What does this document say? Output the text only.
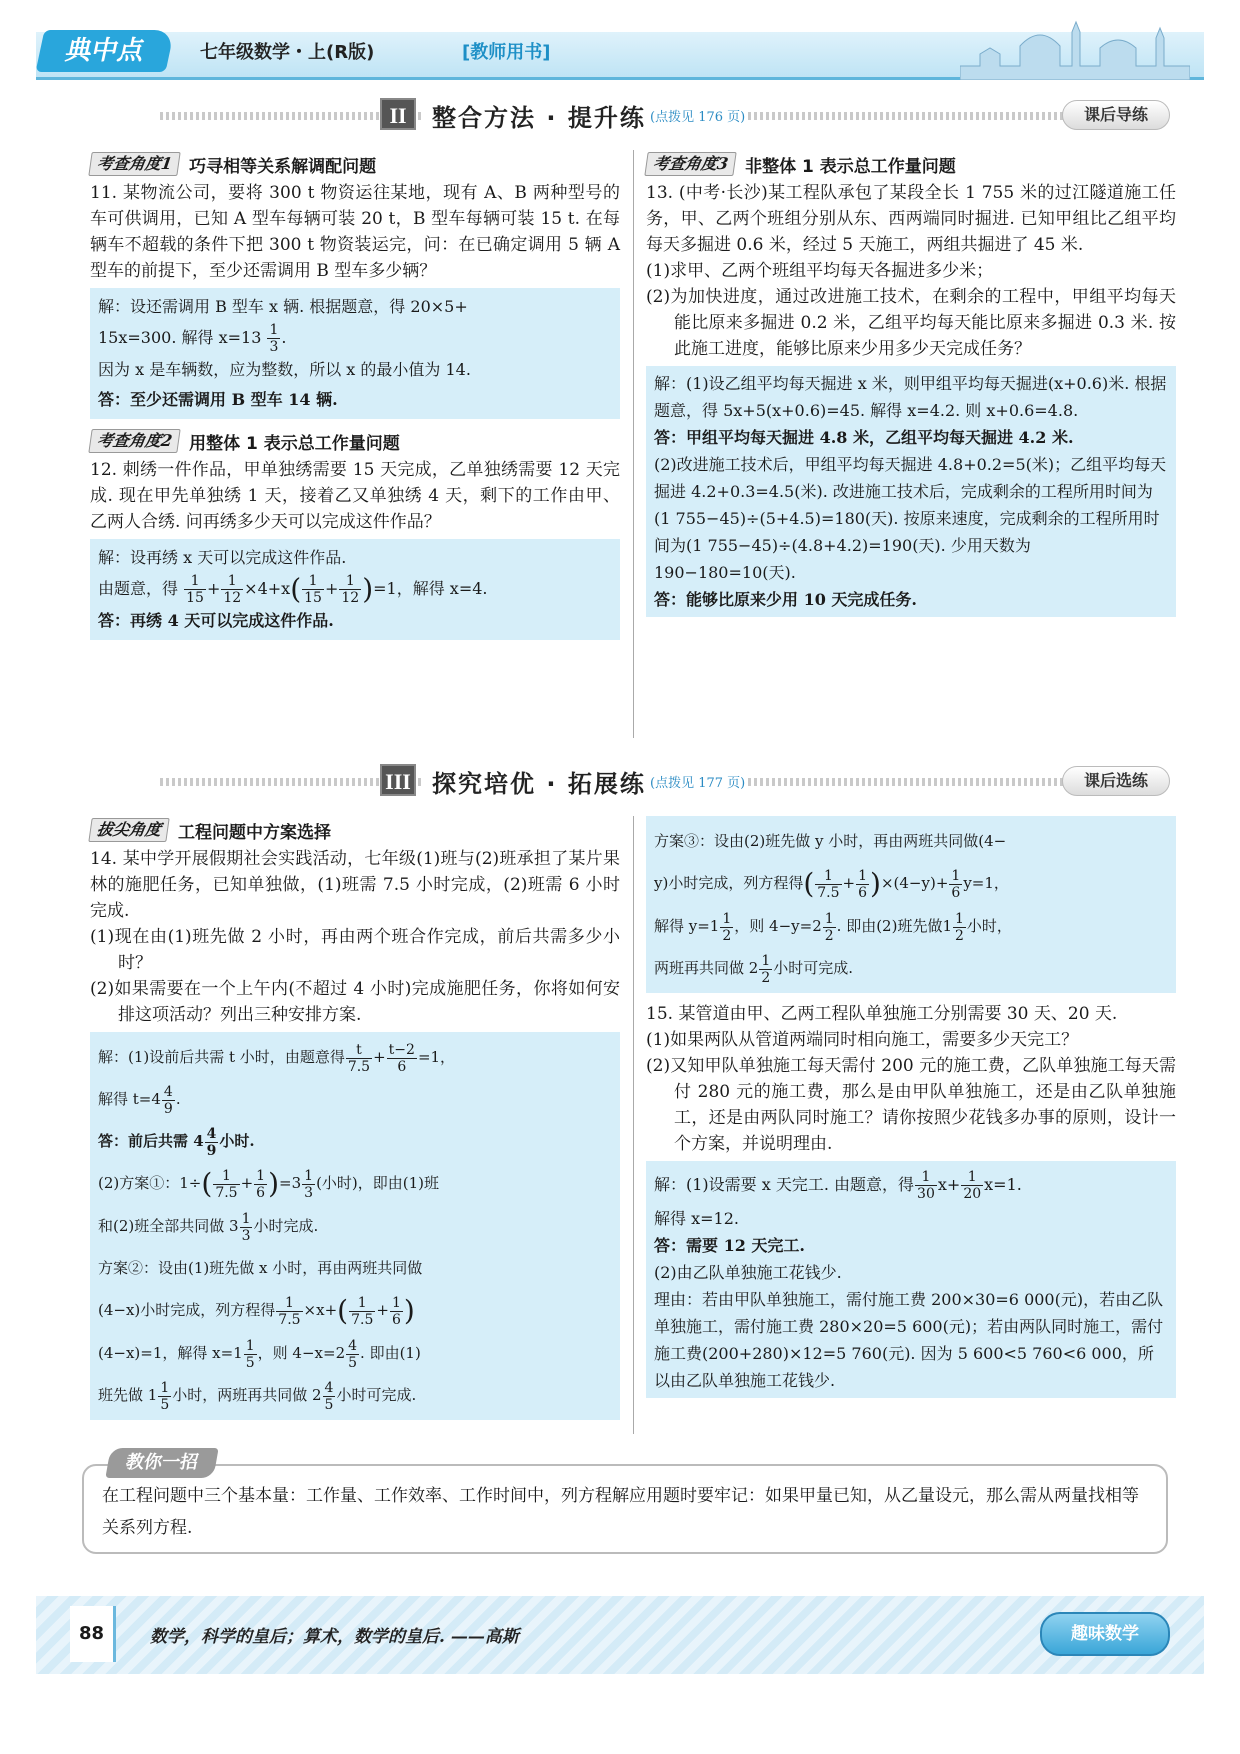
典中点	七年级数学・上(R版)	[教师用书]
II	整合方法 · 提升练 (点拨见 176 页)	课后导练
考查角度1 巧寻相等关系解调配问题
11. 某物流公司，要将 300 t 物资运往某地，现有 A、B 两种型号的车可供调用，已知 A 型车每辆可装 20 t，B 型车每辆可装 15 t. 在每辆车不超载的条件下把 300 t 物资装运完，问：在已确定调用 5 辆 A 型车的前提下，至少还需调用 B 型车多少辆？
解：设还需调用 B 型车 x 辆. 根据题意，得 20×5+
15x=300. 解得 $x=13 \frac{1}{3}$ .
因为 x 是车辆数，应为整数，所以 x 的最小值为 14.
答：至少还需调用 B 型车 14 辆.
考查角度2 用整体 1 表示总工作量问题
12. 刺绣一件作品，甲单独绣需要 15 天完成，乙单独绣需要 12 天完成. 现在甲先单独绣 1 天，接着乙又单独绣 4 天，剩下的工作由甲、乙两人合绣. 问再绣多少天可以完成这件作品？
解：设再绣 x 天可以完成这件作品.
由题意，得 $\frac{1}{15} + \frac{1}{12} \times 4+x( \frac{1}{15} + \frac{1}{12} )=1$，解得 x=4.
答：再绣 4 天可以完成这件作品.
考查角度3 非整体 1 表示总工作量问题
13. (中考·长沙)某工程队承包了某段全长 1 755 米的过江隧道施工任务，甲、乙两个班组分别从东、西两端同时掘进. 已知甲组比乙组平均每天多掘进 0.6 米，经过 5 天施工，两组共掘进了 45 米.
(1)求甲、乙两个班组平均每天各掘进多少米；
(2)为加快进度，通过改进施工技术，在剩余的工程中，甲组平均每天能比原来多掘进 0.2 米，乙组平均每天能比原来多掘进 0.3 米. 按此施工进度，能够比原来少用多少天完成任务？
解：(1)设乙组平均每天掘进 x 米，则甲组平均每天掘进(x+0.6)米. 根据题意，得 5x+5(x+0.6)=45. 解得 x=4.2. 则 x+0.6=4.8.
答：甲组平均每天掘进 4.8 米，乙组平均每天掘进 4.2 米.
(2)改进施工技术后，甲组平均每天掘进 4.8+0.2=5(米)；乙组平均每天掘进 4.2+0.3=4.5(米). 改进施工技术后，完成剩余的工程所用时间为(1 755−45)÷(5+4.5)=180(天). 按原来速度，完成剩余的工程所用时间为(1 755−45)÷(4.8+4.2)=190(天). 少用天数为 190−180=10(天).
答：能够比原来少用 10 天完成任务.
III 探究培优 · 拓展练 (点拨见 177 页)	课后选练
拔尖角度 工程问题中方案选择
14. 某中学开展假期社会实践活动，七年级(1)班与(2)班承担了某片果林的施肥任务，已知单独做，(1)班需 7.5 小时完成，(2)班需 6 小时完成.
(1)现在由(1)班先做 2 小时，再由两个班合作完成，前后共需多少小时？
(2)如果需要在一个上午内(不超过 4 小时)完成施肥任务，你将如何安排这项活动？列出三种安排方案.
解：(1)设前后共需 t 小时，由题意得 $\frac{t}{7.5} + \frac{t-2}{6} =1$，
解得 $t=4 \frac{4}{9}$ .
答：前后共需 $4 \frac{4}{9}$ 小时.
(2)方案①：$1\div( \frac{1}{7.5} + \frac{1}{6} )=3 \frac{1}{3}$ (小时)，即由(1)班
和(2)班全部共同做 $3 \frac{1}{3}$ 小时完成.
方案②：设由(1)班先做 x 小时，再由两班共同做
(4−x)小时完成，列方程得 $\frac{1}{7.5} \times x+( \frac{1}{7.5} + \frac{1}{6}$ )
(4−x)=1，解得 $x=1 \frac{1}{5}$ ，则 $4-x=2 \frac{4}{5}$ . 即由(1)
班先做 $1 \frac{1}{5}$ 小时，两班再共同做 $2 \frac{4}{5}$ 小时可完成.
方案③：设由(2)班先做 y 小时，再由两班共同做(4−
y)小时完成，列方程得( $\frac{1}{7.5} + \frac{1}{6} )\times(4-y)+ \frac{1}{6} y=1$，
解得 $y=1 \frac{1}{2}$ ，则 $4-y=2 \frac{1}{2}$ . 即由(2)班先做$1 \frac{1}{2}$ 小时，
两班再共同做 $2 \frac{1}{2}$ 小时可完成.
15. 某管道由甲、乙两工程队单独施工分别需要 30 天、20 天.
(1)如果两队从管道两端同时相向施工，需要多少天完工？
(2)又知甲队单独施工每天需付 200 元的施工费，乙队单独施工每天需付 280 元的施工费，那么是由甲队单独施工，还是由乙队单独施工，还是由两队同时施工？请你按照少花钱多办事的原则，设计一个方案，并说明理由.
解：(1)设需要 x 天完工. 由题意，得 $\frac{1}{30} x+ \frac{1}{20} x=1$.
解得 x=12.
答：需要 12 天完工.
(2)由乙队单独施工花钱少.
理由：若由甲队单独施工，需付施工费 200×30=6 000(元)，若由乙队单独施工，需付施工费 280×20=5 600(元)；若由两队同时施工，需付施工费(200+280)×12=5 760(元). 因为 5 600<5 760<6 000，所以由乙队单独施工花钱少.
在工程问题中三个基本量：工作量、工作效率、工作时间中，列方程解应用题时要牢记：如果甲量已知，从乙量设元，那么需从两量找相等关系列方程.
教你一招
88	数学，科学的皇后；算术，数学的皇后. ——高斯	趣味数学
